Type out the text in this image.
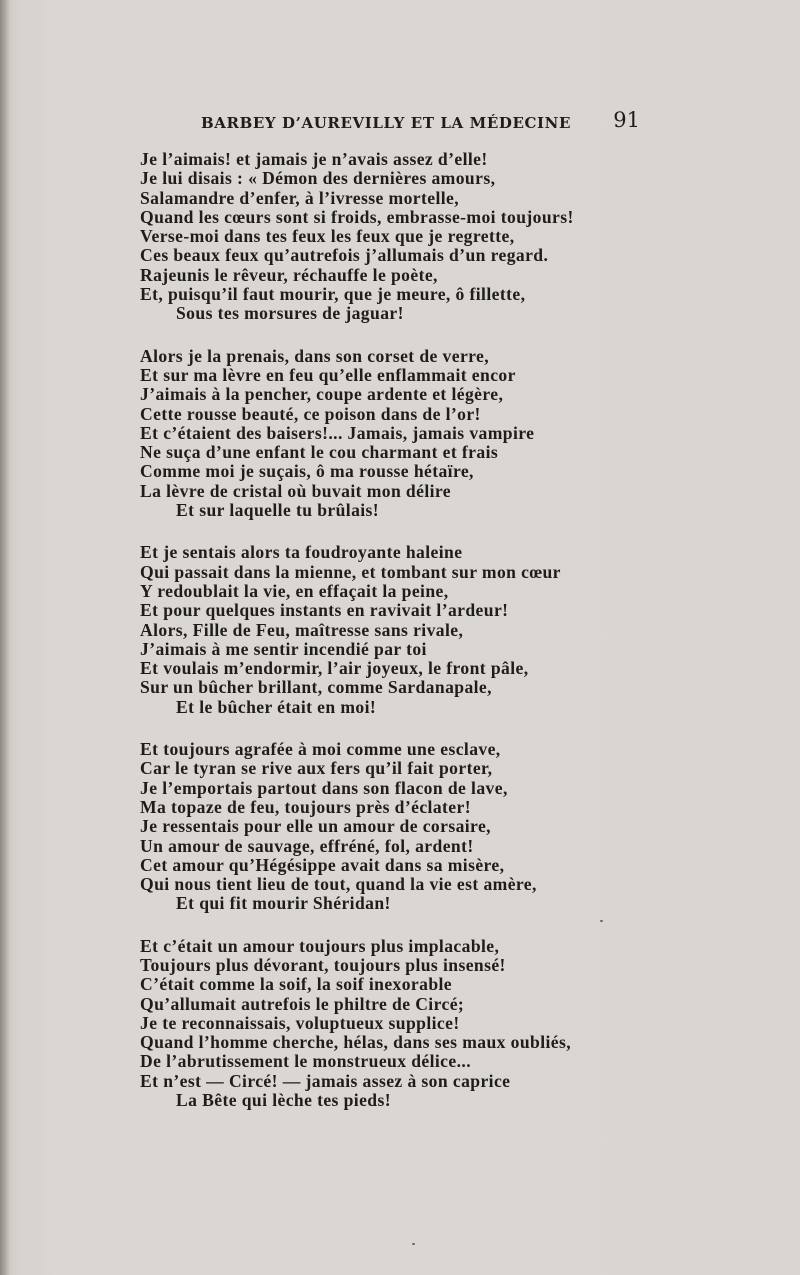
BARBEY D’AUREVILLY ET LA MÉDECINE 91
Je l’aimais! et jamais je n’avais assez d’elle!
Je lui disais : « Démon des dernières amours,
Salamandre d’enfer, à l’ivresse mortelle,
Quand les cœurs sont si froids, embrasse-moi toujours!
Verse-moi dans tes feux les feux que je regrette,
Ces beaux feux qu’autrefois j’allumais d’un regard.
Rajeunis le rêveur, réchauffe le poète,
Et, puisqu’il faut mourir, que je meure, ô fillette,
Sous tes morsures de jaguar!
Alors je la prenais, dans son corset de verre,
Et sur ma lèvre en feu qu’elle enflammait encor
J’aimais à la pencher, coupe ardente et légère,
Cette rousse beauté, ce poison dans de l’or!
Et c’étaient des baisers!... Jamais, jamais vampire
Ne suça d’une enfant le cou charmant et frais
Comme moi je suçais, ô ma rousse hétaïre,
La lèvre de cristal où buvait mon délire
Et sur laquelle tu brûlais!
Et je sentais alors ta foudroyante haleine
Qui passait dans la mienne, et tombant sur mon cœur
Y redoublait la vie, en effaçait la peine,
Et pour quelques instants en ravivait l’ardeur!
Alors, Fille de Feu, maîtresse sans rivale,
J’aimais à me sentir incendié par toi
Et voulais m’endormir, l’air joyeux, le front pâle,
Sur un bûcher brillant, comme Sardanapale,
Et le bûcher était en moi!
Et toujours agrafée à moi comme une esclave,
Car le tyran se rive aux fers qu’il fait porter,
Je l’emportais partout dans son flacon de lave,
Ma topaze de feu, toujours près d’éclater!
Je ressentais pour elle un amour de corsaire,
Un amour de sauvage, effréné, fol, ardent!
Cet amour qu’Hégésippe avait dans sa misère,
Qui nous tient lieu de tout, quand la vie est amère,
Et qui fit mourir Shéridan!
Et c’était un amour toujours plus implacable,
Toujours plus dévorant, toujours plus insensé!
C’était comme la soif, la soif inexorable
Qu’allumait autrefois le philtre de Circé;
Je te reconnaissais, voluptueux supplice!
Quand l’homme cherche, hélas, dans ses maux oubliés,
De l’abrutissement le monstrueux délice...
Et n’est — Circé! — jamais assez à son caprice
La Bête qui lèche tes pieds!
